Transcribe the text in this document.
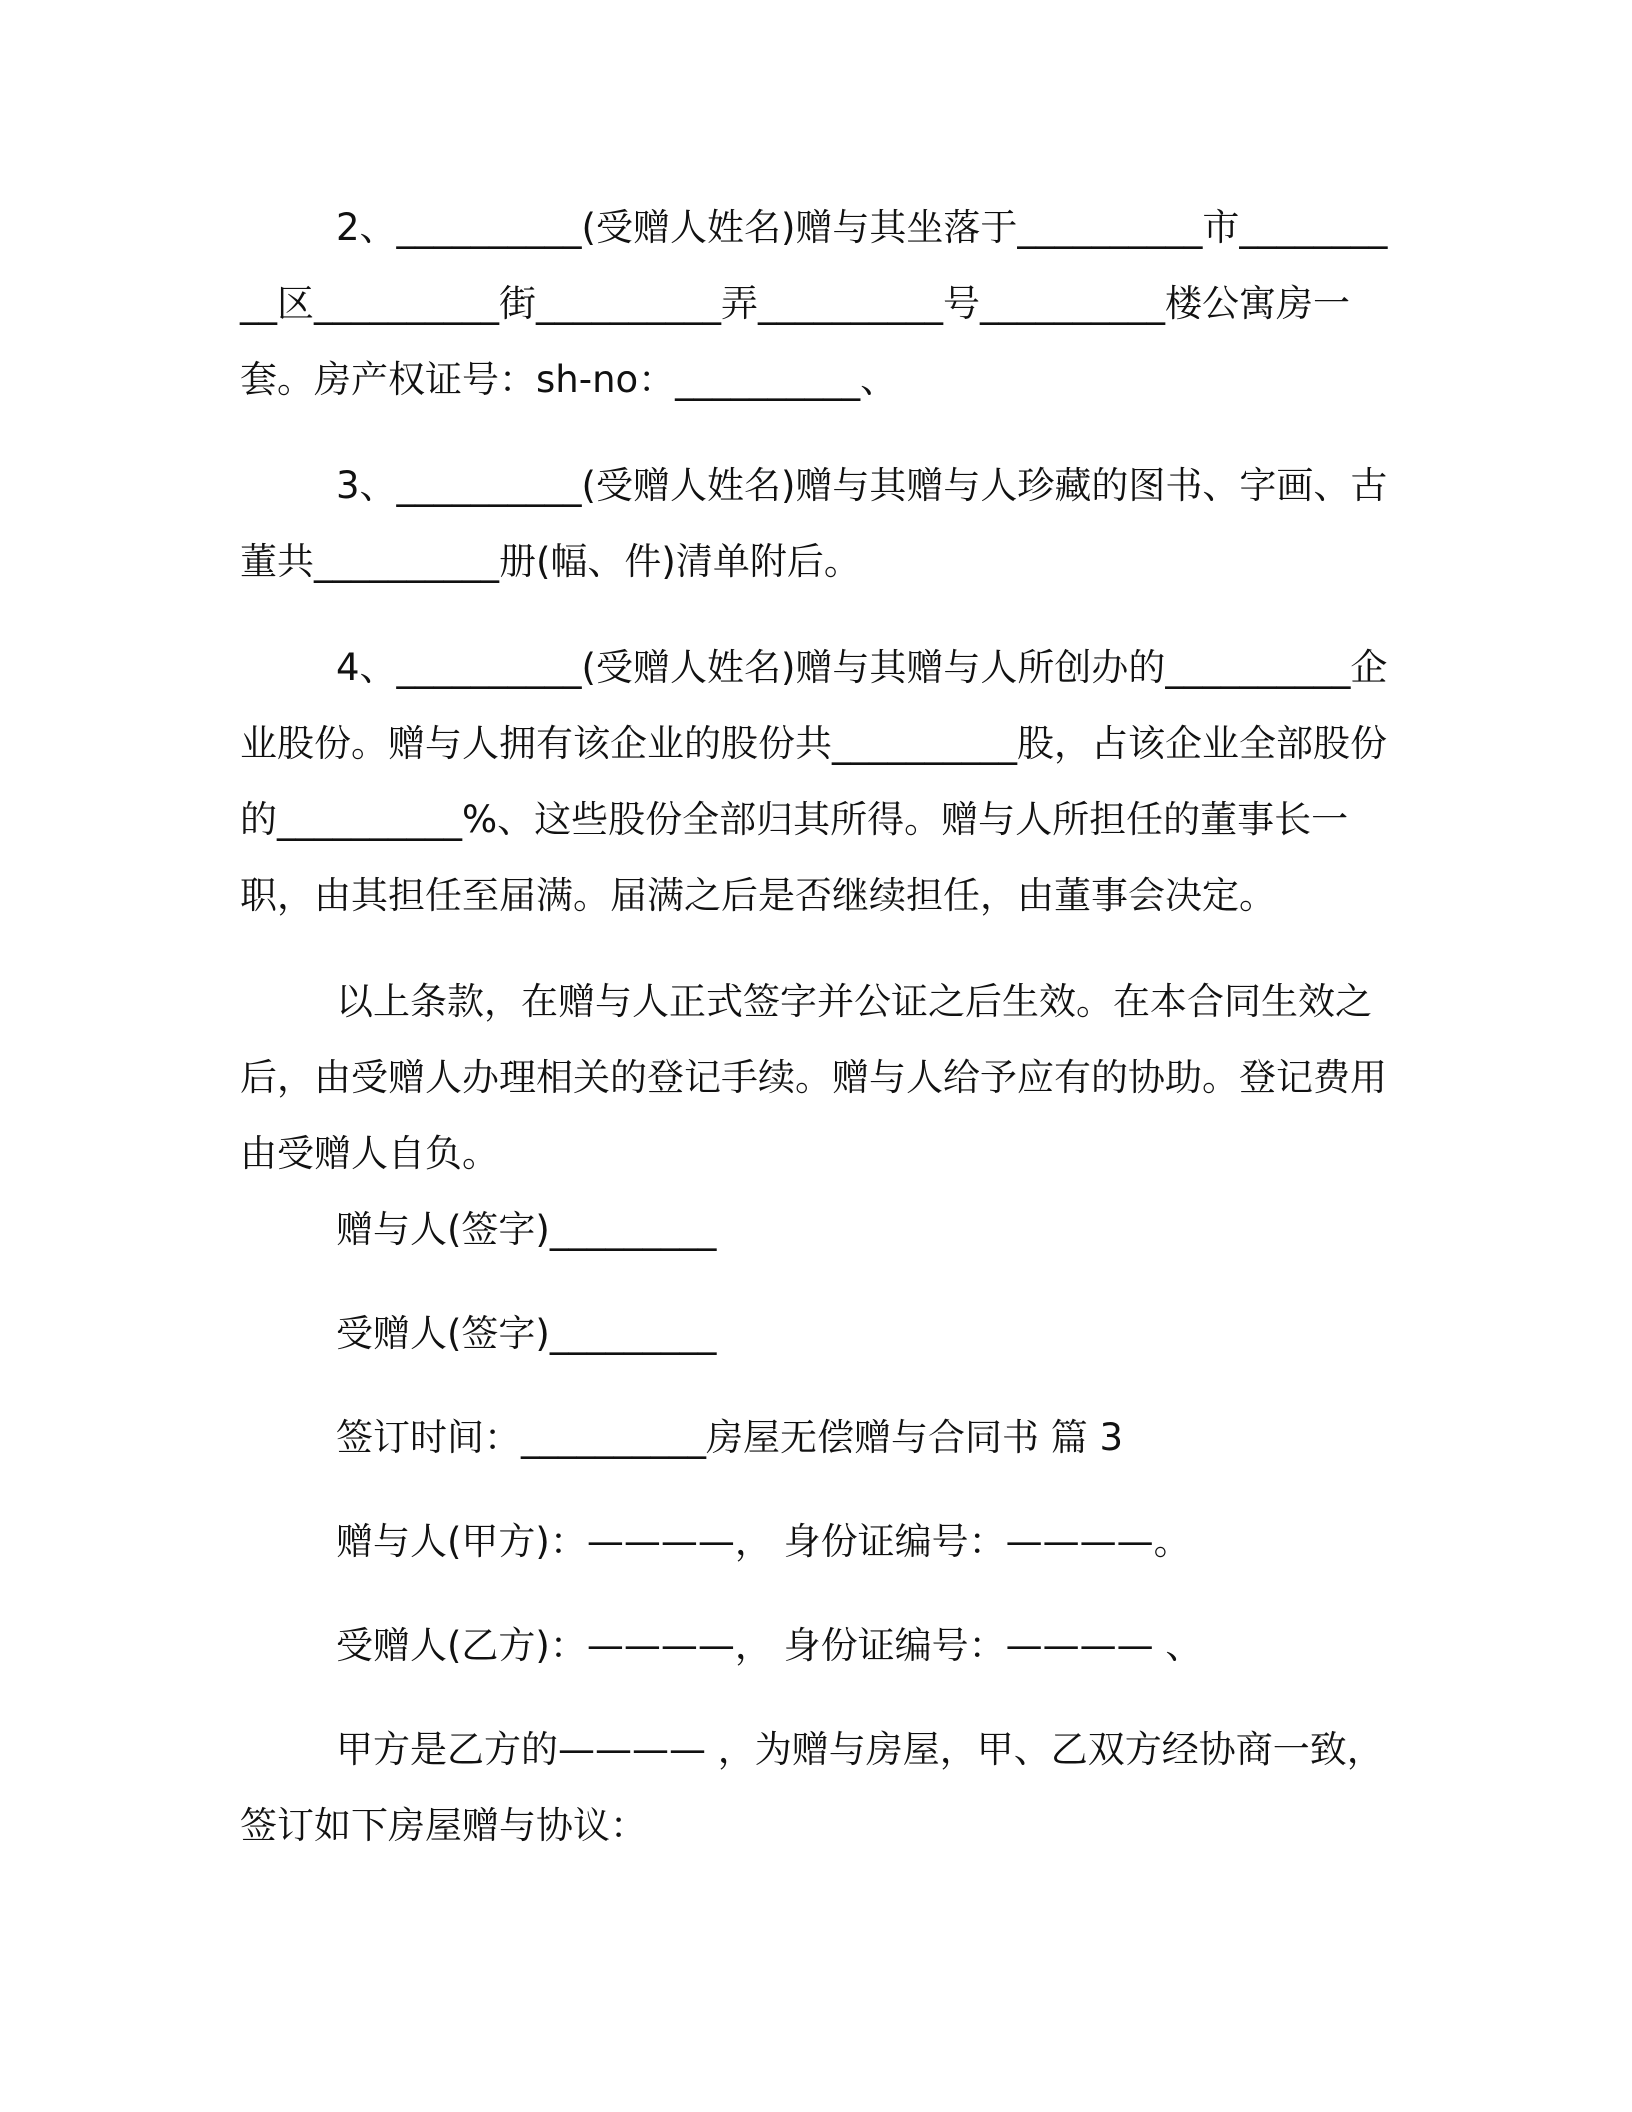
2、__________(受赠人姓名)赠与其坐落于__________市__________区__________街__________弄__________号__________楼公寓房一套。房产权证号：sh-no：__________、

3、__________(受赠人姓名)赠与其赠与人珍藏的图书、字画、古董共__________册(幅、件)清单附后。

4、__________(受赠人姓名)赠与其赠与人所创办的__________企业股份。赠与人拥有该企业的股份共__________股，占该企业全部股份的__________%、这些股份全部归其所得。赠与人所担任的董事长一职，由其担任至届满。届满之后是否继续担任，由董事会决定。

以上条款，在赠与人正式签字并公证之后生效。在本合同生效之后，由受赠人办理相关的登记手续。赠与人给予应有的协助。登记费用由受赠人自负。

赠与人(签字)_________

受赠人(签字)_________

签订时间：__________房屋无偿赠与合同书 篇 3

赠与人(甲方)：————， 身份证编号：————。

受赠人(乙方)：————， 身份证编号：———— 、

甲方是乙方的———— ，为赠与房屋，甲、乙双方经协商一致，签订如下房屋赠与协议：
